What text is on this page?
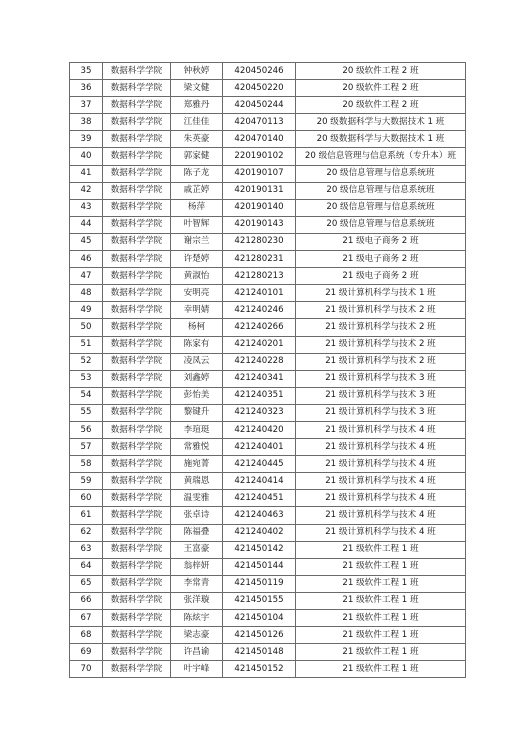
35	数据科学学院	钟秋婷	420450246	20 级软件工程 2 班
36	数据科学学院	梁文健	420450220	20 级软件工程 2 班
37	数据科学学院	郑雅丹	420450244	20 级软件工程 2 班
38	数据科学学院	江佳佳	420470113	20 级数据科学与大数据技术 1 班
39	数据科学学院	朱英豪	420470140	20 级数据科学与大数据技术 1 班
40	数据科学学院	郭家健	220190102	20 级信息管理与信息系统（专升本）班
41	数据科学学院	陈子龙	420190107	20 级信息管理与信息系统班
42	数据科学学院	戚芷婷	420190131	20 级信息管理与信息系统班
43	数据科学学院	杨萍	420190140	20 级信息管理与信息系统班
44	数据科学学院	叶智辉	420190143	20 级信息管理与信息系统班
45	数据科学学院	谢宗兰	421280230	21 级电子商务 2 班
46	数据科学学院	许楚婷	421280231	21 级电子商务 2 班
47	数据科学学院	黄淑怡	421280213	21 级电子商务 2 班
48	数据科学学院	安明亮	421240101	21 级计算机科学与技术 1 班
49	数据科学学院	幸明婧	421240246	21 级计算机科学与技术 2 班
50	数据科学学院	杨柯	421240266	21 级计算机科学与技术 2 班
51	数据科学学院	陈家有	421240201	21 级计算机科学与技术 2 班
52	数据科学学院	凌凤云	421240228	21 级计算机科学与技术 2 班
53	数据科学学院	刘鑫婷	421240341	21 级计算机科学与技术 3 班
54	数据科学学院	彭怡美	421240351	21 级计算机科学与技术 3 班
55	数据科学学院	黎键升	421240323	21 级计算机科学与技术 3 班
56	数据科学学院	李瑄珽	421240420	21 级计算机科学与技术 4 班
57	数据科学学院	常雅悦	421240401	21 级计算机科学与技术 4 班
58	数据科学学院	施宛菁	421240445	21 级计算机科学与技术 4 班
59	数据科学学院	黄瑞恩	421240414	21 级计算机科学与技术 4 班
60	数据科学学院	温雯雅	421240451	21 级计算机科学与技术 4 班
61	数据科学学院	张卓诗	421240463	21 级计算机科学与技术 4 班
62	数据科学学院	陈福叠	421240402	21 级计算机科学与技术 4 班
63	数据科学学院	王富豪	421450142	21 级软件工程 1 班
64	数据科学学院	翁梓妍	421450144	21 级软件工程 1 班
65	数据科学学院	李常青	421450119	21 级软件工程 1 班
66	数据科学学院	张洋璇	421450155	21 级软件工程 1 班
67	数据科学学院	陈炫宇	421450104	21 级软件工程 1 班
68	数据科学学院	梁志豪	421450126	21 级软件工程 1 班
69	数据科学学院	许昌谕	421450148	21 级软件工程 1 班
70	数据科学学院	叶宇峰	421450152	21 级软件工程 1 班
